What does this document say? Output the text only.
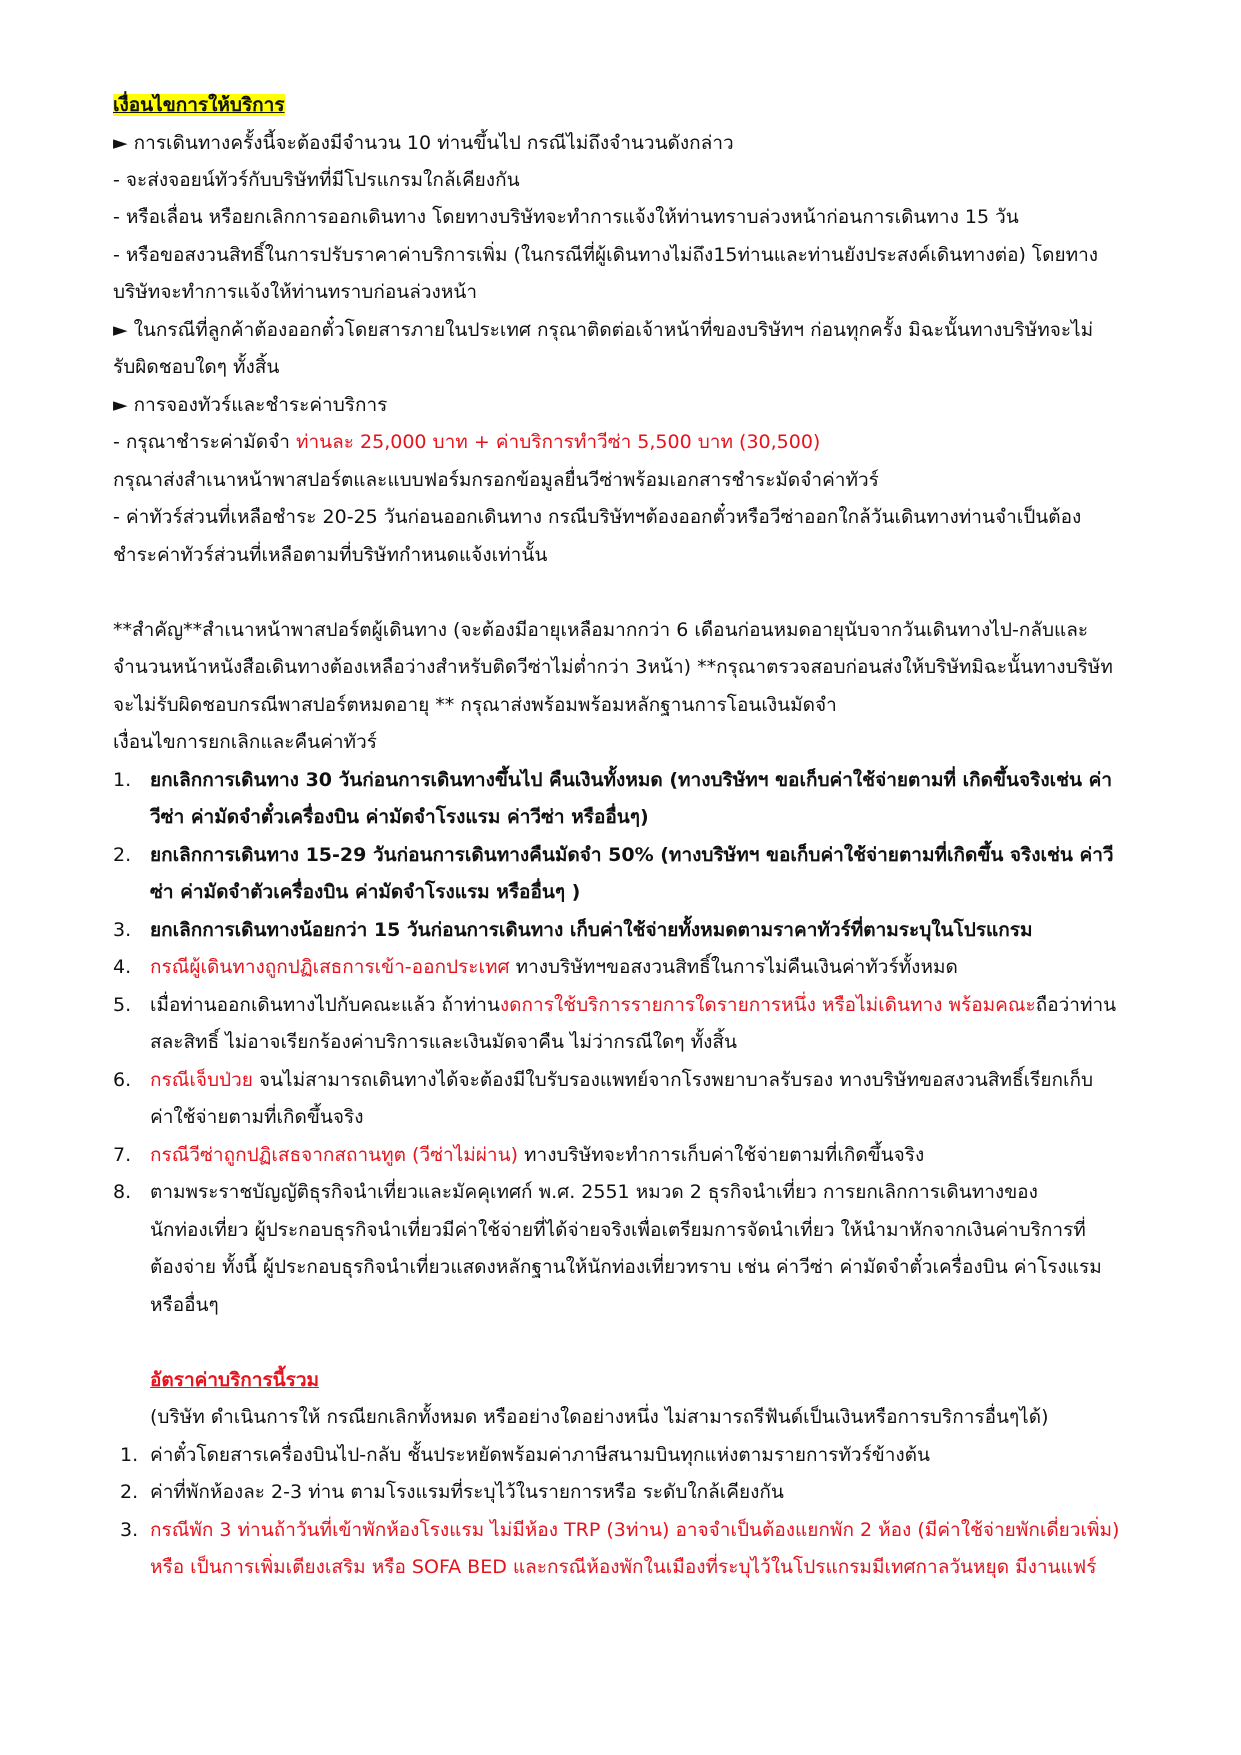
เงื่อนไขการให้บริการ
► การเดินทางครั้งนี้จะต้องมีจำนวน 10 ท่านขึ้นไป กรณีไม่ถึงจำนวนดังกล่าว
- จะส่งจอยน์ทัวร์กับบริษัทที่มีโปรแกรมใกล้เคียงกัน
- หรือเลื่อน หรือยกเลิกการออกเดินทาง โดยทางบริษัทจะทำการแจ้งให้ท่านทราบล่วงหน้าก่อนการเดินทาง 15 วัน
- หรือขอสงวนสิทธิ์ในการปรับราคาค่าบริการเพิ่ม (ในกรณีที่ผู้เดินทางไม่ถึง15ท่านและท่านยังประสงค์เดินทางต่อ) โดยทาง
บริษัทจะทำการแจ้งให้ท่านทราบก่อนล่วงหน้า
► ในกรณีที่ลูกค้าต้องออกตั๋วโดยสารภายในประเทศ กรุณาติดต่อเจ้าหน้าที่ของบริษัทฯ ก่อนทุกครั้ง มิฉะนั้นทางบริษัทจะไม่
รับผิดชอบใดๆ ทั้งสิ้น
► การจองทัวร์และชำระค่าบริการ
- กรุณาชำระค่ามัดจำ ท่านละ 25,000 บาท + ค่าบริการทำวีซ่า 5,500 บาท (30,500)
กรุณาส่งสำเนาหน้าพาสปอร์ตและแบบฟอร์มกรอกข้อมูลยื่นวีซ่าพร้อมเอกสารชำระมัดจำค่าทัวร์
- ค่าทัวร์ส่วนที่เหลือชำระ 20-25 วันก่อนออกเดินทาง กรณีบริษัทฯต้องออกตั๋วหรือวีซ่าออกใกล้วันเดินทางท่านจำเป็นต้อง
ชำระค่าทัวร์ส่วนที่เหลือตามที่บริษัทกำหนดแจ้งเท่านั้น
**สำคัญ**สำเนาหน้าพาสปอร์ตผู้เดินทาง (จะต้องมีอายุเหลือมากกว่า 6 เดือนก่อนหมดอายุนับจากวันเดินทางไป-กลับและ
จำนวนหน้าหนังสือเดินทางต้องเหลือว่างสำหรับติดวีซ่าไม่ต่ำกว่า 3หน้า) **กรุณาตรวจสอบก่อนส่งให้บริษัทมิฉะนั้นทางบริษัท
จะไม่รับผิดชอบกรณีพาสปอร์ตหมดอายุ ** กรุณาส่งพร้อมพร้อมหลักฐานการโอนเงินมัดจำ
เงื่อนไขการยกเลิกและคืนค่าทัวร์
1. ยกเลิกการเดินทาง 30 วันก่อนการเดินทางขึ้นไป คืนเงินทั้งหมด (ทางบริษัทฯ ขอเก็บค่าใช้จ่ายตามที่ เกิดขึ้นจริงเช่น ค่า
วีซ่า ค่ามัดจำตั๋วเครื่องบิน ค่ามัดจำโรงแรม ค่าวีซ่า หรืออื่นๆ)
2. ยกเลิกการเดินทาง 15-29 วันก่อนการเดินทางคืนมัดจำ 50% (ทางบริษัทฯ ขอเก็บค่าใช้จ่ายตามที่เกิดขึ้น จริงเช่น ค่าวี
ซ่า ค่ามัดจำตัวเครื่องบิน ค่ามัดจำโรงแรม หรืออื่นๆ )
3. ยกเลิกการเดินทางน้อยกว่า 15 วันก่อนการเดินทาง เก็บค่าใช้จ่ายทั้งหมดตามราคาทัวร์ที่ตามระบุในโปรแกรม
4. กรณีผู้เดินทางถูกปฏิเสธการเข้า-ออกประเทศ ทางบริษัทฯขอสงวนสิทธิ์ในการไม่คืนเงินค่าทัวร์ทั้งหมด
5. เมื่อท่านออกเดินทางไปกับคณะแล้ว ถ้าท่านงดการใช้บริการรายการใดรายการหนึ่ง หรือไม่เดินทาง พร้อมคณะถือว่าท่าน
สละสิทธิ์ ไม่อาจเรียกร้องค่าบริการและเงินมัดจาคืน ไม่ว่ากรณีใดๆ ทั้งสิ้น
6. กรณีเจ็บป่วย จนไม่สามารถเดินทางได้จะต้องมีใบรับรองแพทย์จากโรงพยาบาลรับรอง ทางบริษัทขอสงวนสิทธิ์เรียกเก็บ
ค่าใช้จ่ายตามที่เกิดขึ้นจริง
7. กรณีวีซ่าถูกปฏิเสธจากสถานทูต (วีซ่าไม่ผ่าน) ทางบริษัทจะทำการเก็บค่าใช้จ่ายตามที่เกิดขึ้นจริง
8. ตามพระราชบัญญัติธุรกิจนำเที่ยวและมัคคุเทศก์ พ.ศ. 2551 หมวด 2 ธุรกิจนำเที่ยว การยกเลิกการเดินทางของ
นักท่องเที่ยว ผู้ประกอบธุรกิจนำเที่ยวมีค่าใช้จ่ายที่ได้จ่ายจริงเพื่อเตรียมการจัดนำเที่ยว ให้นำมาหักจากเงินค่าบริการที่
ต้องจ่าย ทั้งนี้ ผู้ประกอบธุรกิจนำเที่ยวแสดงหลักฐานให้นักท่องเที่ยวทราบ เช่น ค่าวีซ่า ค่ามัดจำตั๋วเครื่องบิน ค่าโรงแรม
หรืออื่นๆ
อัตราค่าบริการนี้รวม
(บริษัท ดำเนินการให้ กรณียกเลิกทั้งหมด หรืออย่างใดอย่างหนึ่ง ไม่สามารถรีฟันด์เป็นเงินหรือการบริการอื่นๆได้)
1. ค่าตั๋วโดยสารเครื่องบินไป-กลับ ชั้นประหยัดพร้อมค่าภาษีสนามบินทุกแห่งตามรายการทัวร์ข้างต้น
2. ค่าที่พักห้องละ 2-3 ท่าน ตามโรงแรมที่ระบุไว้ในรายการหรือ ระดับใกล้เคียงกัน
3. กรณีพัก 3 ท่านถ้าวันที่เข้าพักห้องโรงแรม ไม่มีห้อง TRP (3ท่าน) อาจจำเป็นต้องแยกพัก 2 ห้อง (มีค่าใช้จ่ายพักเดี่ยวเพิ่ม)
หรือ เป็นการเพิ่มเตียงเสริม หรือ SOFA BED และกรณีห้องพักในเมืองที่ระบุไว้ในโปรแกรมมีเทศกาลวันหยุด มีงานแฟร์
